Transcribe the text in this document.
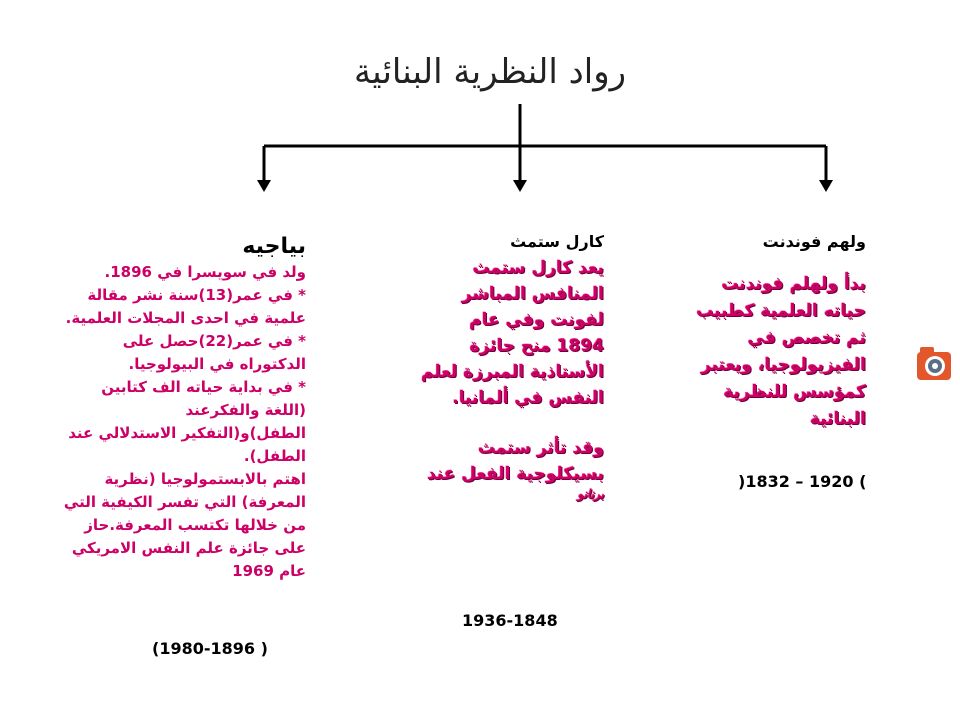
رواد النظرية البنائية
ولهم فوندنت
بدأ ولهلم فوندنت حياته العلمية كطبيب ثم تخصص في الفيزيولوجيا، ويعتبر كمؤسس للنظرية البنائية
)1832 – 1920 (
كارل ستمث
يعد كارل ستمث المنافس المباشر لفونت وفي عام 1894 منح جائزة الأستاذية المبرزة لعلم النفس في ألمانيا.
وقد تأثر ستمث بسيكلوجية الفعل عند
برنانو
1936-1848
بياجيه
ولد في سويسرا في 1896.
* في عمر(13)سنة نشر مقالة علمية في احدى المجلات العلمية.
* في عمر(22)حصل على الدكتوراه في البيولوجيا.
* في بداية حياته الف كتابين (اللغة والفكرعند الطفل)و(التفكير الاستدلالي عند الطفل).
اهتم بالابستمولوجيا (نظرية المعرفة) التي تفسر الكيفية التي من خلالها تكتسب المعرفة.حاز على جائزة علم النفس الامريكي عام 1969
(1980-1896 )
